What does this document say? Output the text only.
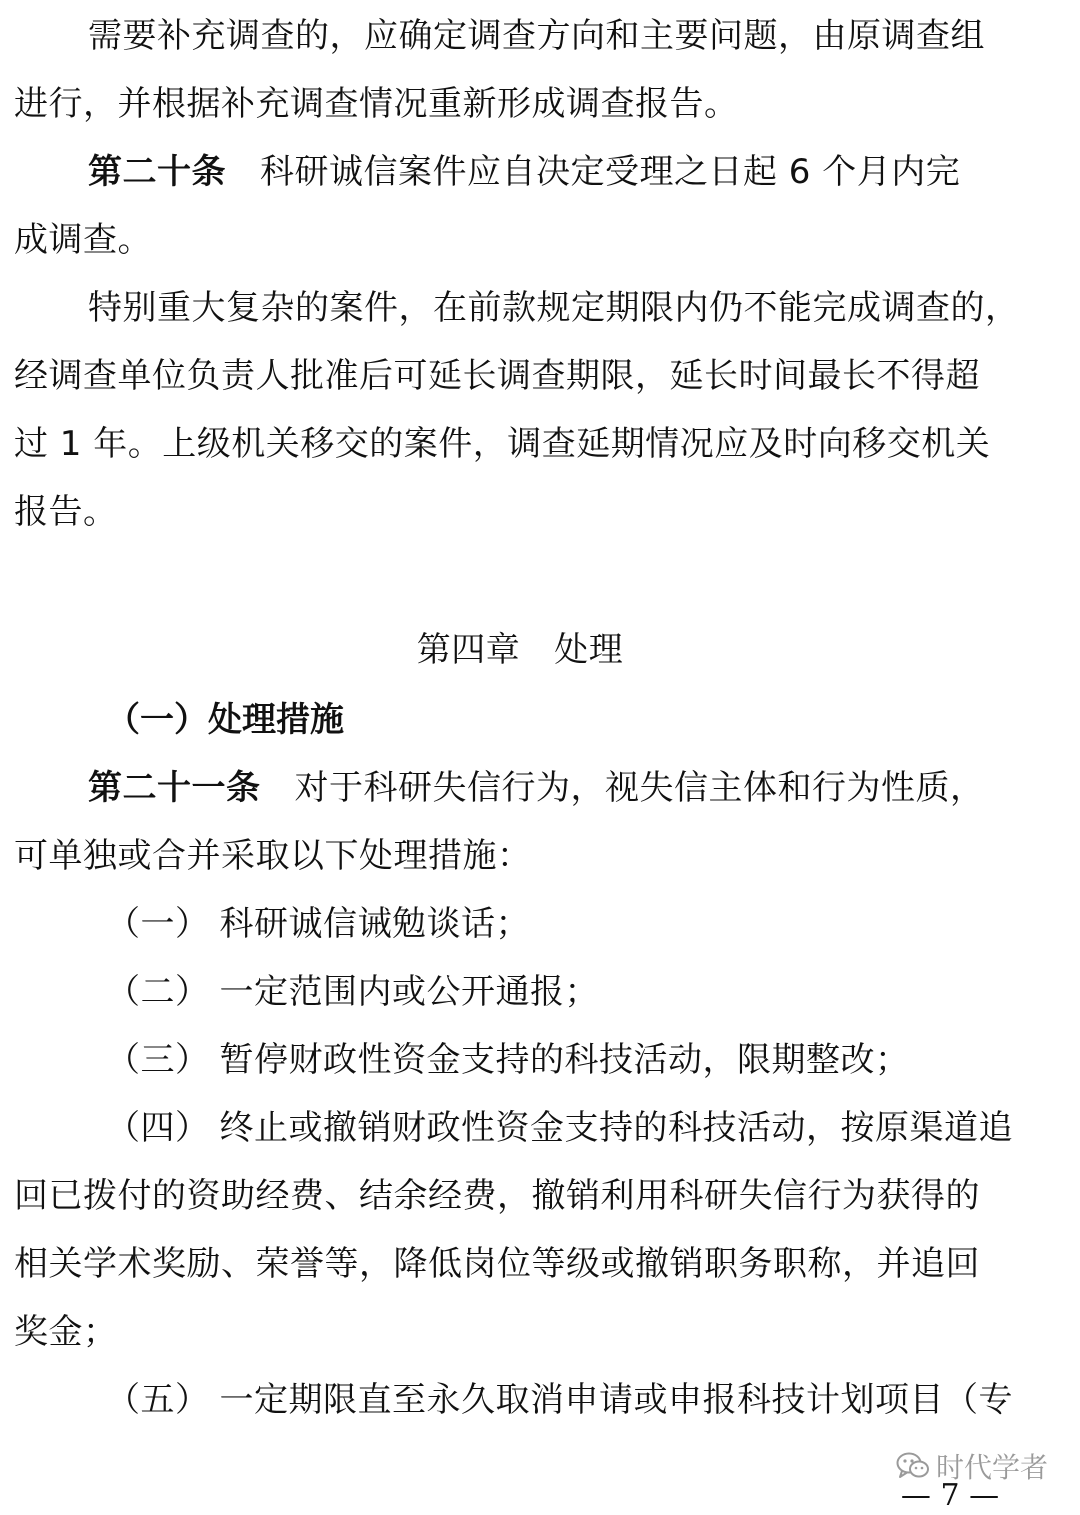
需要补充调查的，应确定调查方向和主要问题，由原调查组
进行，并根据补充调查情况重新形成调查报告。
第二十条 科研诚信案件应自决定受理之日起 6 个月内完
成调查。
特别重大复杂的案件，在前款规定期限内仍不能完成调查的，
经调查单位负责人批准后可延长调查期限，延长时间最长不得超
过 1 年。上级机关移交的案件，调查延期情况应及时向移交机关
报告。
第四章 处理
（一）处理措施
第二十一条 对于科研失信行为，视失信主体和行为性质，
可单独或合并采取以下处理措施：
（一） 科研诚信诫勉谈话；
（二） 一定范围内或公开通报；
（三） 暂停财政性资金支持的科技活动，限期整改；
（四） 终止或撤销财政性资金支持的科技活动，按原渠道追
回已拨付的资助经费、结余经费，撤销利用科研失信行为获得的
相关学术奖励、荣誉等，降低岗位等级或撤销职务职称，并追回
奖金；
（五） 一定期限直至永久取消申请或申报科技计划项目（专
时代学者
— 7 —
